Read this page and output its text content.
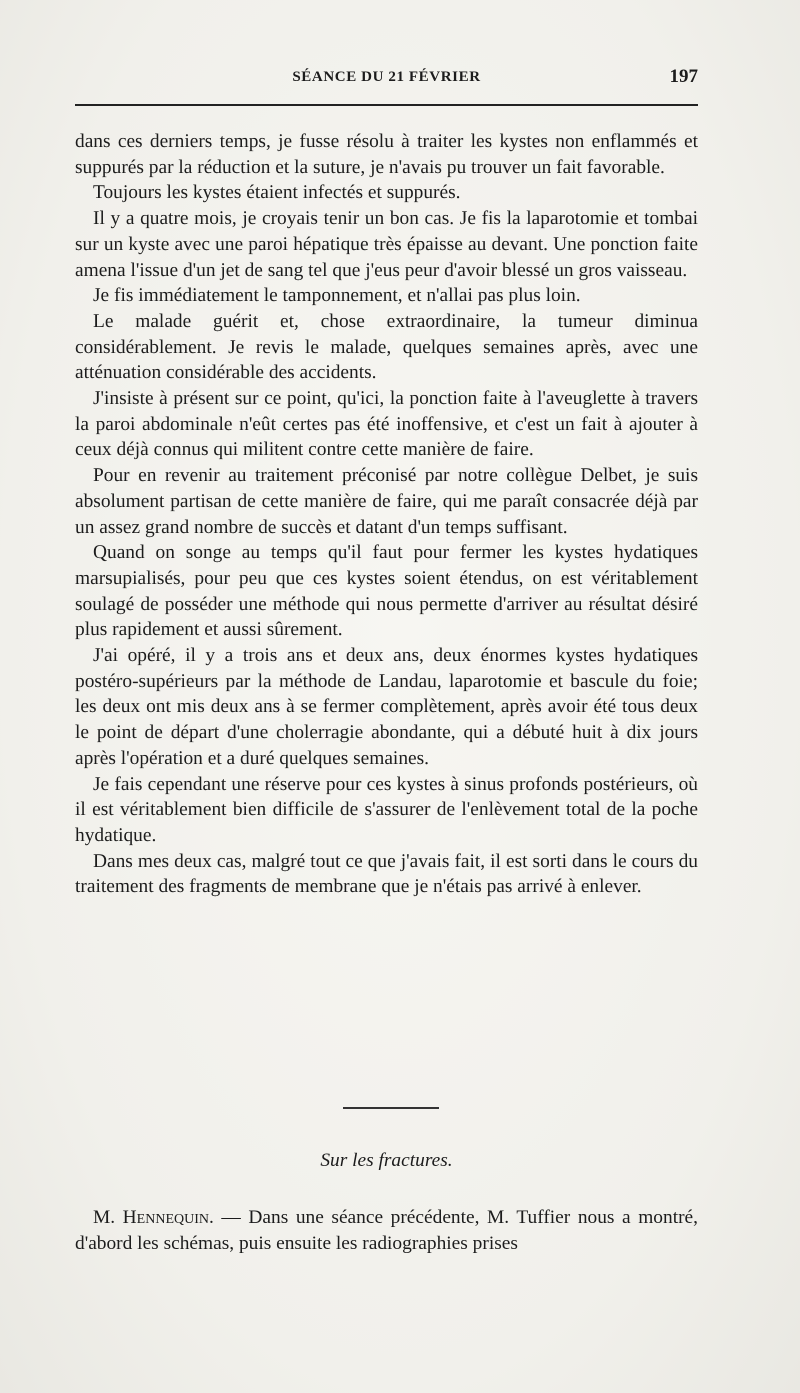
SÉANCE DU 21 FÉVRIER	197

dans ces derniers temps, je fusse résolu à traiter les kystes non enflammés et suppurés par la réduction et la suture, je n'avais pu trouver un fait favorable.

Toujours les kystes étaient infectés et suppurés.

Il y a quatre mois, je croyais tenir un bon cas. Je fis la laparotomie et tombai sur un kyste avec une paroi hépatique très épaisse au devant. Une ponction faite amena l'issue d'un jet de sang tel que j'eus peur d'avoir blessé un gros vaisseau.

Je fis immédiatement le tamponnement, et n'allai pas plus loin.

Le malade guérit et, chose extraordinaire, la tumeur diminua considérablement. Je revis le malade, quelques semaines après, avec une atténuation considérable des accidents.

J'insiste à présent sur ce point, qu'ici, la ponction faite à l'aveuglette à travers la paroi abdominale n'eût certes pas été inoffensive, et c'est un fait à ajouter à ceux déjà connus qui militent contre cette manière de faire.

Pour en revenir au traitement préconisé par notre collègue Delbet, je suis absolument partisan de cette manière de faire, qui me paraît consacrée déjà par un assez grand nombre de succès et datant d'un temps suffisant.

Quand on songe au temps qu'il faut pour fermer les kystes hydatiques marsupialisés, pour peu que ces kystes soient étendus, on est véritablement soulagé de posséder une méthode qui nous permette d'arriver au résultat désiré plus rapidement et aussi sûrement.

J'ai opéré, il y a trois ans et deux ans, deux énormes kystes hydatiques postéro-supérieurs par la méthode de Landau, laparotomie et bascule du foie; les deux ont mis deux ans à se fermer complètement, après avoir été tous deux le point de départ d'une cholerragie abondante, qui a débuté huit à dix jours après l'opération et a duré quelques semaines.

Je fais cependant une réserve pour ces kystes à sinus profonds postérieurs, où il est véritablement bien difficile de s'assurer de l'enlèvement total de la poche hydatique.

Dans mes deux cas, malgré tout ce que j'avais fait, il est sorti dans le cours du traitement des fragments de membrane que je n'étais pas arrivé à enlever.

Sur les fractures.

M. Hennequin. — Dans une séance précédente, M. Tuffier nous a montré, d'abord les schémas, puis ensuite les radiographies prises
